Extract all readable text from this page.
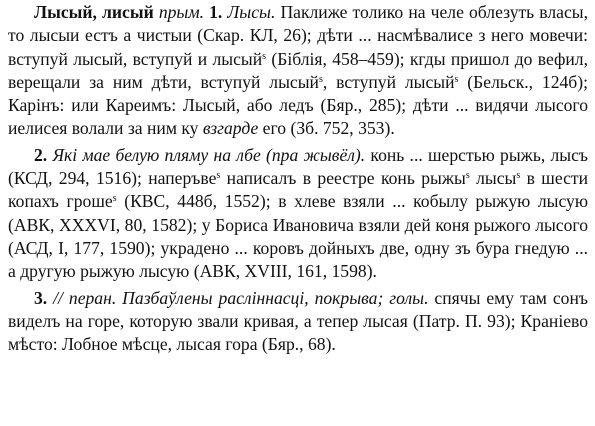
Лысый, лисый прым. 1. Лысы. Паклиже толико на челе облезуть власы, то лысыи естъ а чистыи (Скар. КЛ, 26); дѣти ... насмѣвалисе з него мовечи: вступуй лысый, вступуй и лысый$^s$ (Біблія, 458–459); кгды пришол до вефил, верещали за ним дѣти, вступуй лысый$^s$, вступуй лысый$^s$ (Бельск., 124б); Карінъ: или Кареимъ: Лысый, або ледъ (Бяр., 285); дѣти ... видячи лысого иелисея волали за ним ку взгарде его (Зб. 752, 353).

2. Які мае белую пляму на лбе (пра жывёл). конь ... шерстью рыжь, лысъ (КСД, 294, 1516); наперъве$^s$ написалъ в реестре конь рыжы$^s$ лысы$^s$ в шести копахъ гроше$^s$ (КВС, 448б, 1552); в хлеве взяли ... кобылу рыжую лысую (АВК, XXXVI, 80, 1582); у Бориса Ивановича взяли дей коня рыжого лысого (АСД, I, 177, 1590); украдено ... коровъ дойныхъ две, одну зъ бура гнедую ... а другую рыжую лысую (АВК, XVIII, 161, 1598).

3. // перан. Пазбаўлены расліннасці, покрыва; голы. спячы ему там сонъ виделъ на горе, которую звали кривая, а тепер лысая (Патр. П. 93); Краніево мѣсто: Лобное мѣсце, лысая гора (Бяр., 68).
